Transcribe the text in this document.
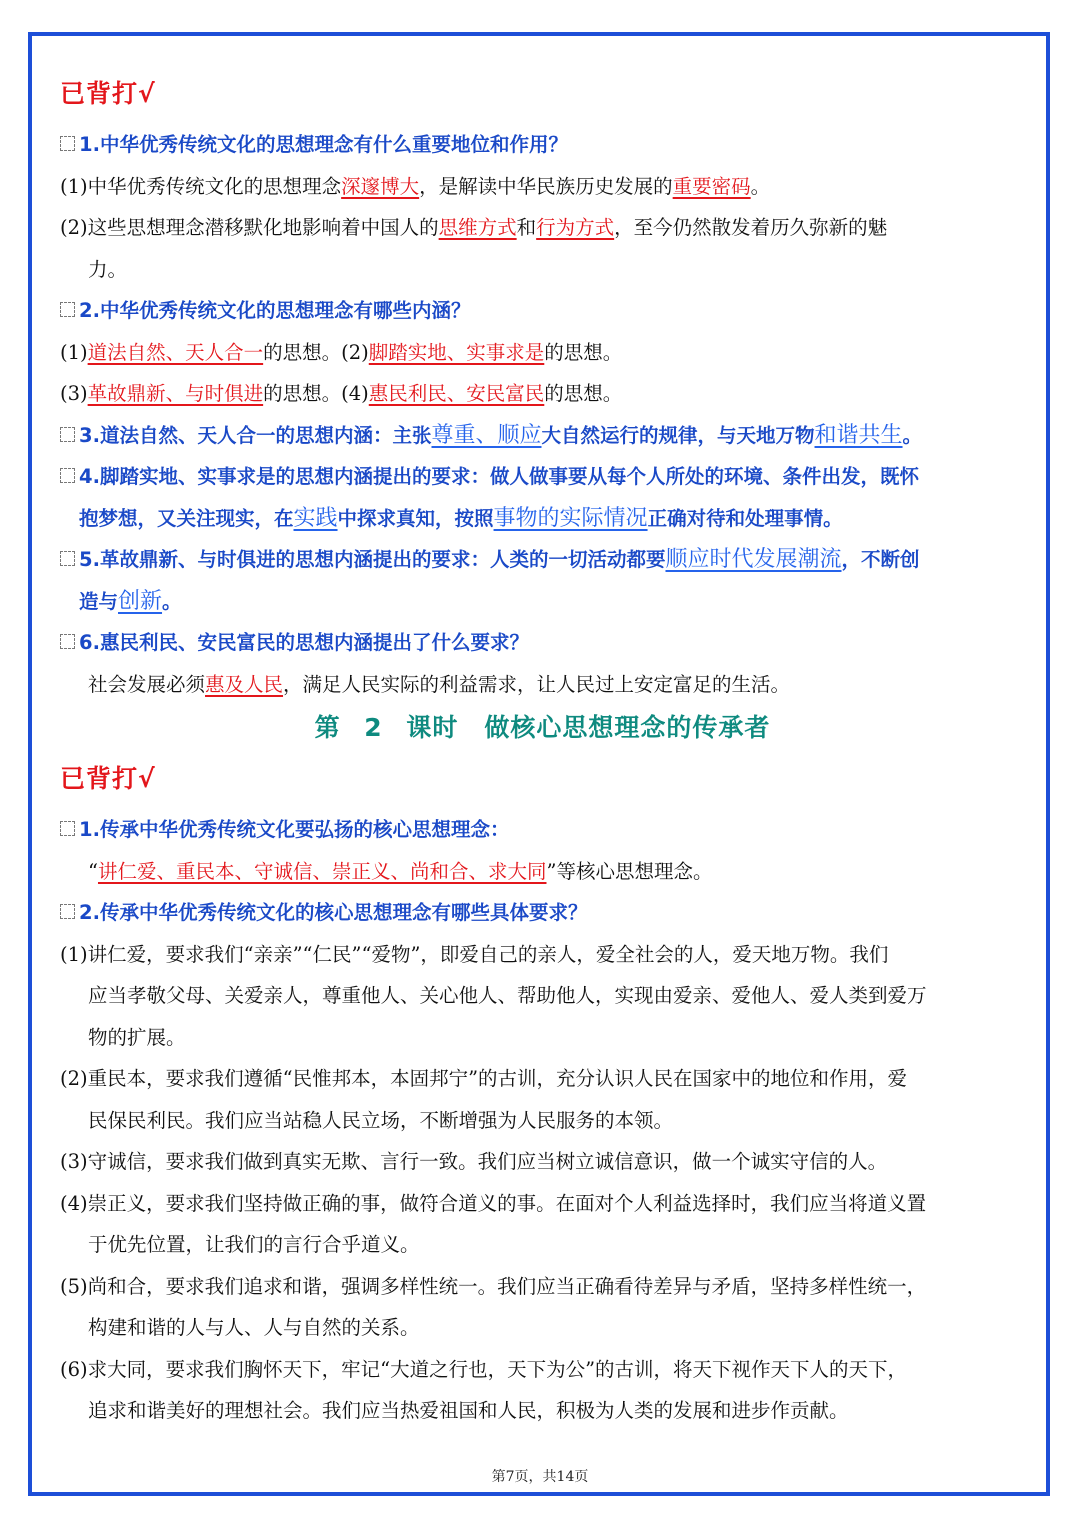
已背打√
1.中华优秀传统文化的思想理念有什么重要地位和作用？
(1)中华优秀传统文化的思想理念深邃博大，是解读中华民族历史发展的重要密码。
(2)这些思想理念潜移默化地影响着中国人的思维方式和行为方式，至今仍然散发着历久弥新的魅
力。
2.中华优秀传统文化的思想理念有哪些内涵？
(1)道法自然、天人合一的思想。(2)脚踏实地、实事求是的思想。
(3)革故鼎新、与时俱进的思想。(4)惠民利民、安民富民的思想。
3.道法自然、天人合一的思想内涵：主张尊重、顺应大自然运行的规律，与天地万物和谐共生。
4.脚踏实地、实事求是的思想内涵提出的要求：做人做事要从每个人所处的环境、条件出发，既怀
抱梦想，又关注现实，在实践中探求真知，按照事物的实际情况正确对待和处理事情。
5.革故鼎新、与时俱进的思想内涵提出的要求：人类的一切活动都要顺应时代发展潮流，不断创
造与创新。
6.惠民利民、安民富民的思想内涵提出了什么要求？
社会发展必须惠及人民，满足人民实际的利益需求，让人民过上安定富足的生活。
第 2 课时　做核心思想理念的传承者
已背打√
1.传承中华优秀传统文化要弘扬的核心思想理念：
“讲仁爱、重民本、守诚信、崇正义、尚和合、求大同”等核心思想理念。
2.传承中华优秀传统文化的核心思想理念有哪些具体要求？
(1)讲仁爱，要求我们“亲亲”“仁民”“爱物”，即爱自己的亲人，爱全社会的人，爱天地万物。我们
应当孝敬父母、关爱亲人，尊重他人、关心他人、帮助他人，实现由爱亲、爱他人、爱人类到爱万
物的扩展。
(2)重民本，要求我们遵循“民惟邦本，本固邦宁”的古训，充分认识人民在国家中的地位和作用，爱
民保民利民。我们应当站稳人民立场，不断增强为人民服务的本领。
(3)守诚信，要求我们做到真实无欺、言行一致。我们应当树立诚信意识，做一个诚实守信的人。
(4)崇正义，要求我们坚持做正确的事，做符合道义的事。在面对个人利益选择时，我们应当将道义置
于优先位置，让我们的言行合乎道义。
(5)尚和合，要求我们追求和谐，强调多样性统一。我们应当正确看待差异与矛盾，坚持多样性统一，
构建和谐的人与人、人与自然的关系。
(6)求大同，要求我们胸怀天下，牢记“大道之行也，天下为公”的古训，将天下视作天下人的天下，
追求和谐美好的理想社会。我们应当热爱祖国和人民，积极为人类的发展和进步作贡献。
第7页，共14页
